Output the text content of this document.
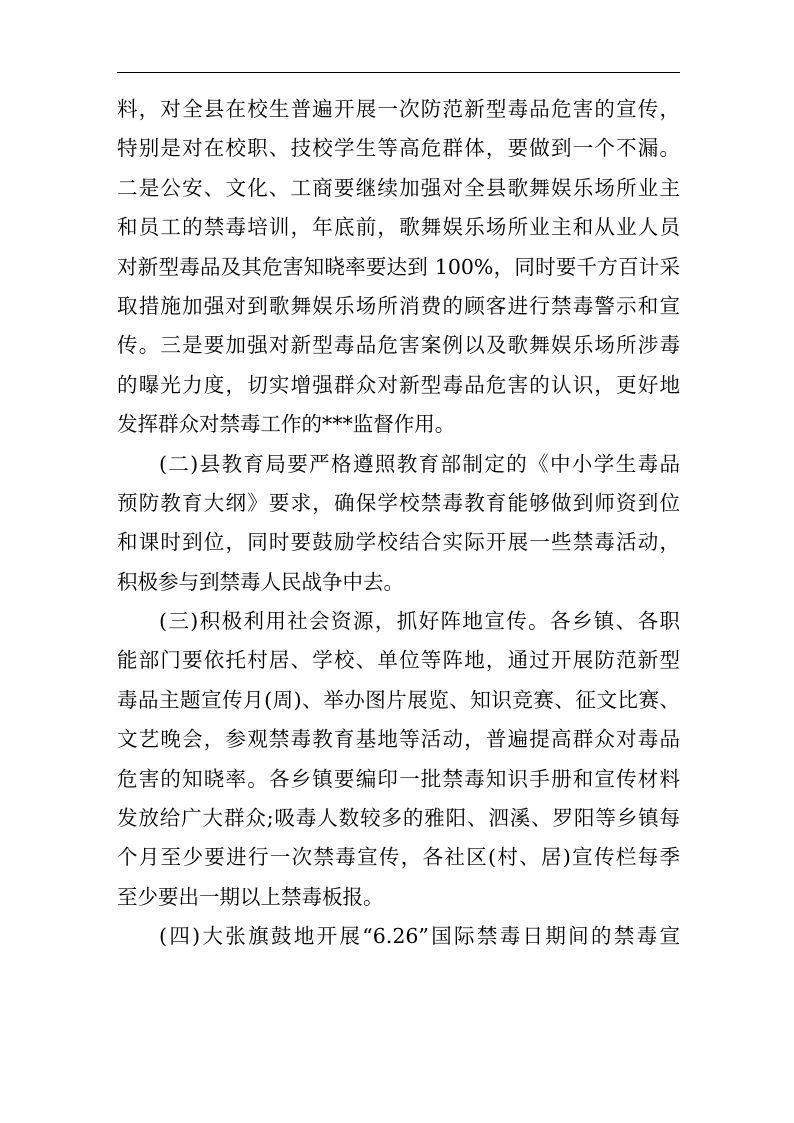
料，对全县在校生普遍开展一次防范新型毒品危害的宣传，
特别是对在校职、技校学生等高危群体，要做到一个不漏。
二是公安、文化、工商要继续加强对全县歌舞娱乐场所业主
和员工的禁毒培训，年底前，歌舞娱乐场所业主和从业人员
对新型毒品及其危害知晓率要达到 100%，同时要千方百计采
取措施加强对到歌舞娱乐场所消费的顾客进行禁毒警示和宣
传。三是要加强对新型毒品危害案例以及歌舞娱乐场所涉毒
的曝光力度，切实增强群众对新型毒品危害的认识，更好地
发挥群众对禁毒工作的***监督作用。
(二)县教育局要严格遵照教育部制定的《中小学生毒品
预防教育大纲》要求，确保学校禁毒教育能够做到师资到位
和课时到位，同时要鼓励学校结合实际开展一些禁毒活动，
积极参与到禁毒人民战争中去。
(三)积极利用社会资源，抓好阵地宣传。各乡镇、各职
能部门要依托村居、学校、单位等阵地，通过开展防范新型
毒品主题宣传月(周)、举办图片展览、知识竞赛、征文比赛、
文艺晚会，参观禁毒教育基地等活动，普遍提高群众对毒品
危害的知晓率。各乡镇要编印一批禁毒知识手册和宣传材料
发放给广大群众;吸毒人数较多的雅阳、泗溪、罗阳等乡镇每
个月至少要进行一次禁毒宣传，各社区(村、居)宣传栏每季
至少要出一期以上禁毒板报。
(四)大张旗鼓地开展“6.26”国际禁毒日期间的禁毒宣
